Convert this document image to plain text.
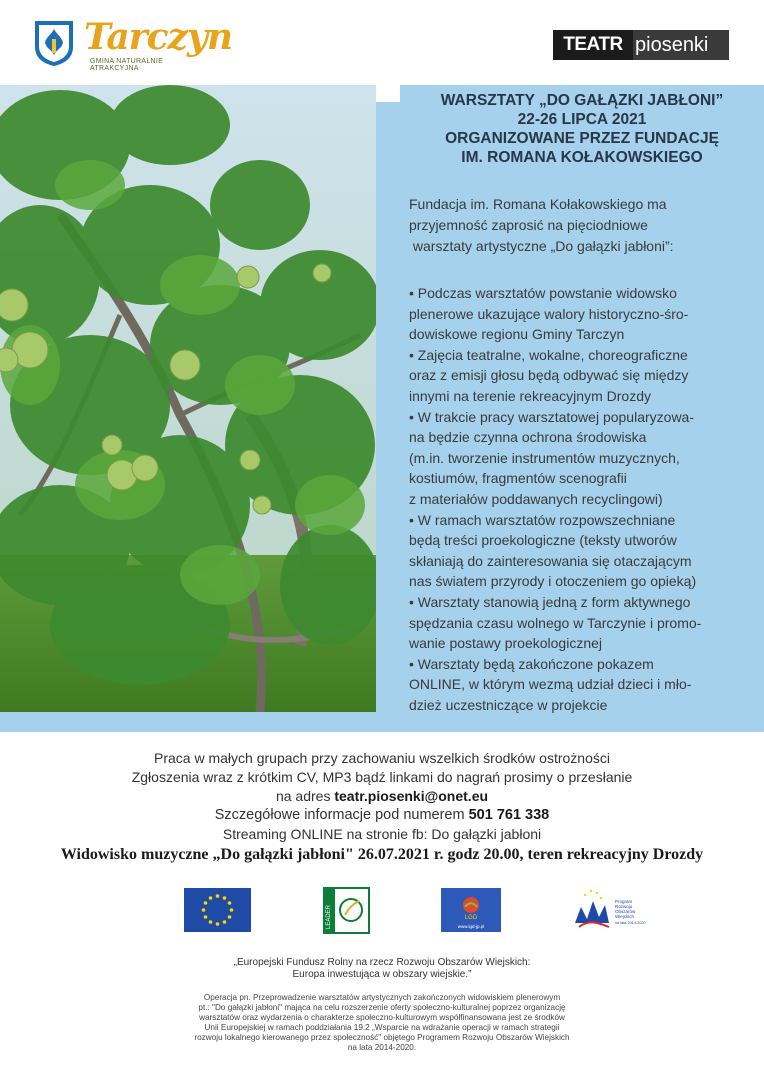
Tarczyn
GMINA NATURALNIE ATRAKCYJNA
TEATR piosenki
WARSZTATY „DO GAŁĄZKI JABŁONI”
22-26 LIPCA 2021
ORGANIZOWANE PRZEZ FUNDACJĘ
IM. ROMANA KOŁAKOWSKIEGO
Fundacja im. Romana Kołakowskiego ma
przyjemność zaprosić na pięciodniowe
warsztaty artystyczne „Do gałązki jabłoni”:

• Podczas warsztatów powstanie widowsko
plenerowe ukazujące walory historyczno-śro-
dowiskowe regionu Gminy Tarczyn

• Zajęcia teatralne, wokalne, choreograficzne
oraz z emisji głosu będą odbywać się między
innymi na terenie rekreacyjnym Drozdy

• W trakcie pracy warsztatowej popularyzowa-
na będzie czynna ochrona środowiska
(m.in. tworzenie instrumentów muzycznych,
kostiumów, fragmentów scenografii
z materiałów poddawanych recyclingowi)

• W ramach warsztatów rozpowszechniane
będą treści proekologiczne (teksty utworów
skłaniają do zainteresowania się otaczającym
nas światem przyrody i otoczeniem go opieką)

• Warsztaty stanowią jedną z form aktywnego
spędzania czasu wolnego w Tarczynie i promo-
wanie postawy proekologicznej

• Warsztaty będą zakończone pokazem
ONLINE, w którym wezmą udział dzieci i mło-
dzież uczestniczące w projekcie

Praca w małych grupach przy zachowaniu wszelkich środków ostrożności
Zgłoszenia wraz z krótkim CV, MP3 bądź linkami do nagrań prosimy o przesłanie
na adres teatr.piosenki@onet.eu
Szczegółowe informacje pod numerem 501 761 338
Streaming ONLINE na stronie fb: Do gałązki jabłoni
Widowisko muzyczne „Do gałązki jabłoni" 26.07.2021 r. godz 20.00, teren rekreacyjny Drozdy
LEADER	LGD
www.lgd-jp.pl
Program
Rozwoju
Obszarów
Wiejskich
na lata 2014-2020
„Europejski Fundusz Rolny na rzecz Rozwoju Obszarów Wiejskich:
Europa inwestująca w obszary wiejskie.”
Operacja pn. Przeprowadzenie warsztatów artystycznych zakończonych widowiskiem plenerowym
pt.: "Do gałązki jabłoni" mająca na celu rozszerzenie oferty społeczno-kulturalnej poprzez organizację
warsztatów oraz wydarzenia o charakterze społeczno-kulturowym współfinansowana jest ze środków
Unii Europejskiej w ramach poddziałania 19.2 „Wsparcie na wdrażanie operacji w ramach strategii
rozwoju lokalnego kierowanego przez społeczność" objętego Programem Rozwoju Obszarów Wiejskich
na lata 2014-2020.
